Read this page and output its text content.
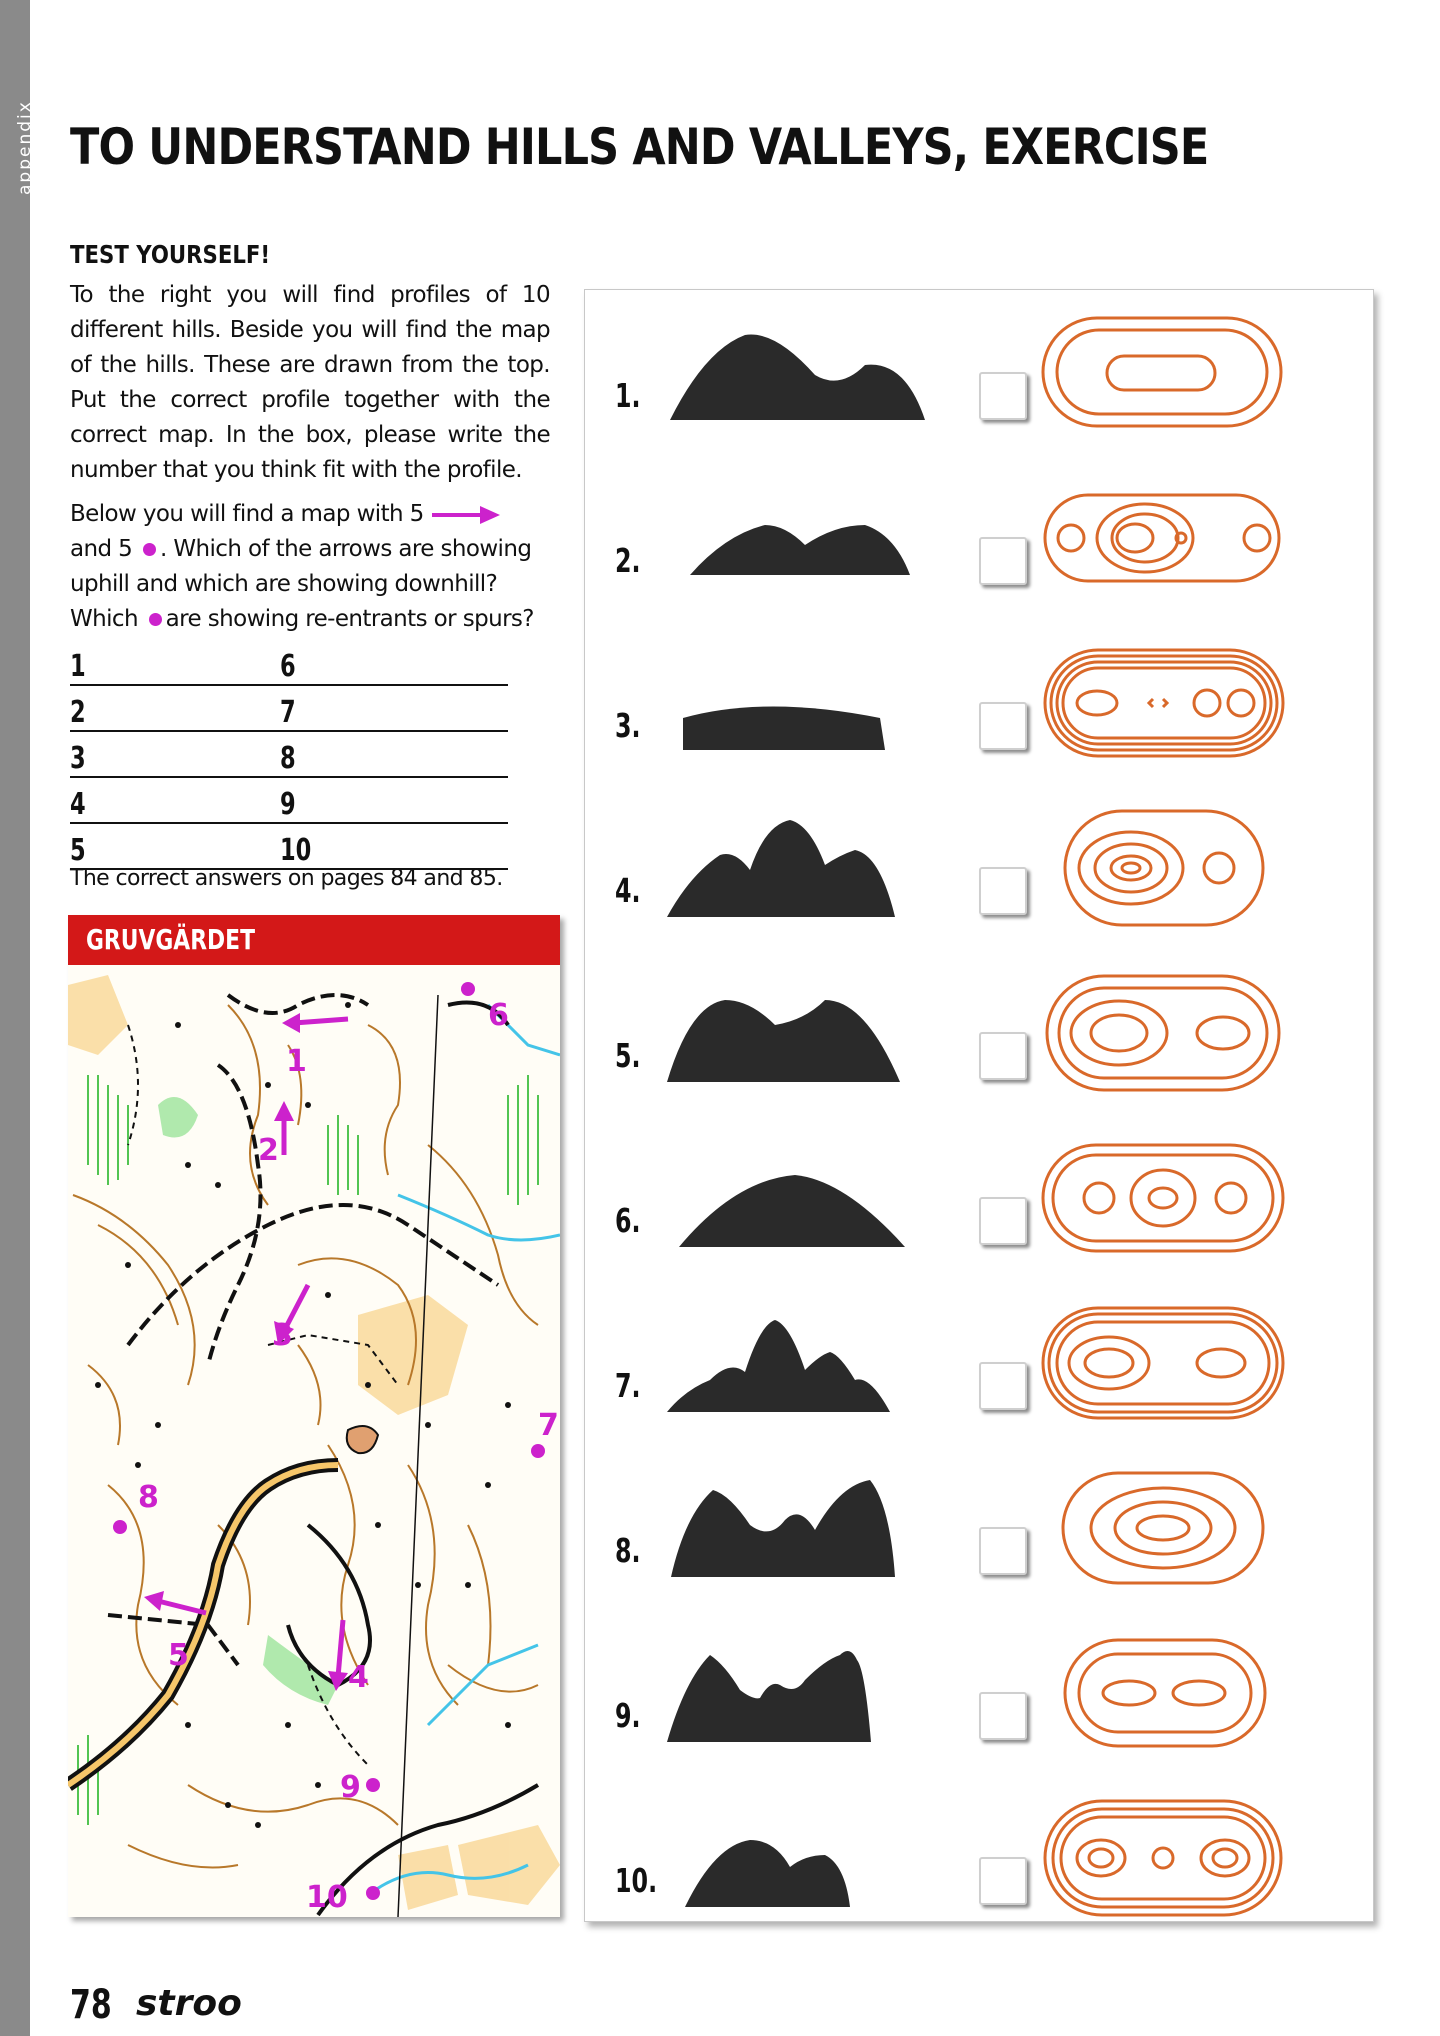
appendix TO UNDERSTAND HILLS AND VALLEYS, EXERCISE
TEST YOURSELF!

To the right you will find profiles of 10 different hills. Beside you will find the map of the hills. These are drawn from the top. Put the correct profile together with the correct map. In the box, please write the number that you think fit with the profile.

Below you will find a map with 5
and 5 . Which of the arrows are showing uphill and which are showing downhill? Which are showing re-entrants or spurs?

1	6
2	7
3	8
4	9
5	10
The correct answers on pages 84 and 85.
GRUVGÄRDET
1
2
3
4
5
6
7
8
9
10
1.
2.
3.
4.
5.
6.
7.
8.
9.
10.
78 stroo
